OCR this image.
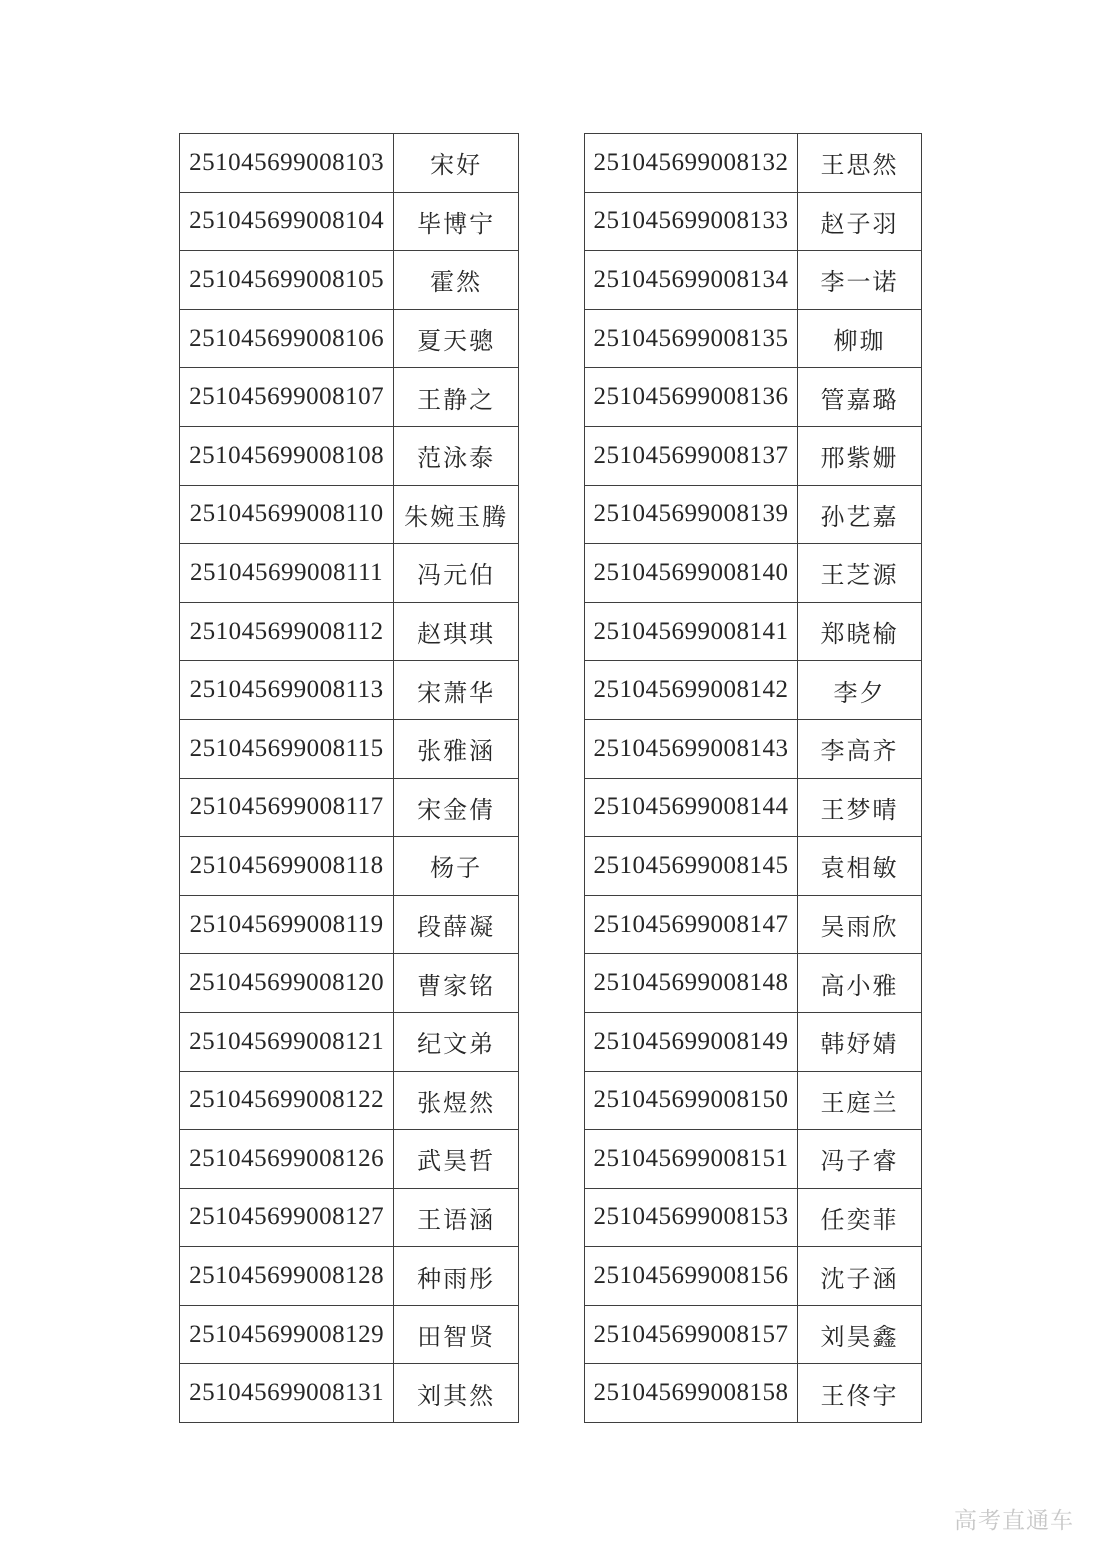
251045699008103	宋好
251045699008104	毕博宁
251045699008105	霍然
251045699008106	夏天骢
251045699008107	王静之
251045699008108	范泳泰
251045699008110	朱婉玉腾
251045699008111	冯元伯
251045699008112	赵琪琪
251045699008113	宋萧华
251045699008115	张雅涵
251045699008117	宋金倩
251045699008118	杨子
251045699008119	段薛凝
251045699008120	曹家铭
251045699008121	纪文弟
251045699008122	张煜然
251045699008126	武昊哲
251045699008127	王语涵
251045699008128	种雨彤
251045699008129	田智贤
251045699008131	刘其然
251045699008132	王思然
251045699008133	赵子羽
251045699008134	李一诺
251045699008135	柳珈
251045699008136	管嘉璐
251045699008137	邢紫姗
251045699008139	孙艺嘉
251045699008140	王芝源
251045699008141	郑晓榆
251045699008142	李夕
251045699008143	李高齐
251045699008144	王梦晴
251045699008145	袁相敏
251045699008147	吴雨欣
251045699008148	高小雅
251045699008149	韩妤婧
251045699008150	王庭兰
251045699008151	冯子睿
251045699008153	任奕菲
251045699008156	沈子涵
251045699008157	刘昊鑫
251045699008158	王佟宇
高考直通车
